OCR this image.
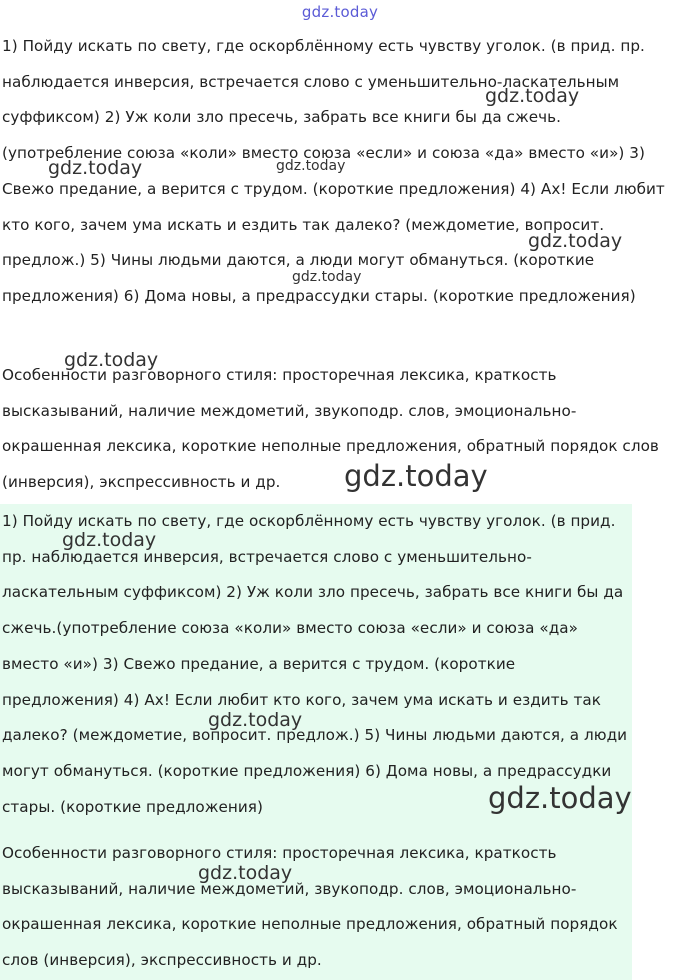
gdz.today

1) Пойду искать по свету, где оскорблённому есть чувству уголок. (в прид. пр. наблюдается инверсия, встречается слово с уменьшительно-ласкательным суффиксом) 2) Уж коли зло пресечь, забрать все книги бы да сжечь. (употребление союза «коли» вместо союза «если» и союза «да» вместо «и») 3) Свежо предание, а верится с трудом. (короткие предложения) 4) Ах! Если любит кто кого, зачем ума искать и ездить так далеко? (междометие, вопросит. предлож.) 5) Чины людьми даются, а люди могут обмануться. (короткие предложения) 6) Дома новы, а предрассудки стары. (короткие предложения)

Особенности разговорного стиля: просторечная лексика, краткость высказываний, наличие междометий, звукоподр. слов, эмоционально-окрашенная лексика, короткие неполные предложения, обратный порядок слов (инверсия), экспрессивность и др.

1) Пойду искать по свету, где оскорблённому есть чувству уголок. (в прид. пр. наблюдается инверсия, встречается слово с уменьшительно-ласкательным суффиксом) 2) Уж коли зло пресечь, забрать все книги бы да сжечь.(употребление союза «коли» вместо союза «если» и союза «да» вместо «и») 3) Свежо предание, а верится с трудом. (короткие предложения) 4) Ах! Если любит кто кого, зачем ума искать и ездить так далеко? (междометие, вопросит. предлож.) 5) Чины людьми даются, а люди могут обмануться. (короткие предложения) 6) Дома новы, а предрассудки стары. (короткие предложения)

Особенности разговорного стиля: просторечная лексика, краткость высказываний, наличие междометий, звукоподр. слов, эмоционально-окрашенная лексика, короткие неполные предложения, обратный порядок слов (инверсия), экспрессивность и др.

gdz.today
gdz.today	gdz.today
gdz.today
gdz.today
gdz.today
gdz.today
gdz.today
gdz.today
gdz.today
gdz.today
